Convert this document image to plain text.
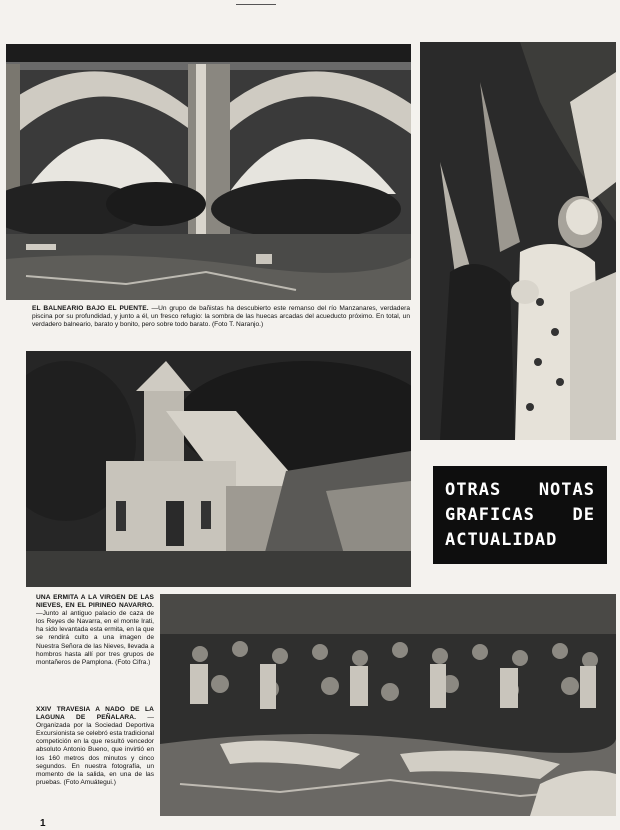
EL BALNEARIO BAJO EL PUENTE. —Un grupo de bañistas ha descubierto este remanso del río Manzanares, verdadera piscina por su profundidad, y junto a él, un fresco refugio: la sombra de las huecas arcadas del acueducto próximo. En total, un verdadero balneario, barato y bonito, pero sobre todo barato. (Foto T. Naranjo.)
OTRAS NOTAS
GRAFICAS DE
ACTUALIDAD
UNA ERMITA A LA VIRGEN DE LAS NIEVES, EN EL PIRINEO NAVARRO. —Junto al antiguo palacio de caza de los Reyes de Navarra, en el monte Irati, ha sido levantada esta ermita, en la que se rendirá culto a una imagen de Nuestra Señora de las Nieves, llevada a hombros hasta allí por tres grupos de montañeros de Pamplona. (Foto Cifra.)
XXIV TRAVESIA A NADO DE LA LAGUNA DE PEÑALARA. —Organizada por la Sociedad Deportiva Excursionista se celebró esta tradicional competición en la que resultó vencedor absoluto Antonio Bueno, que invirtió en los 160 metros dos minutos y cinco segundos. En nuestra fotografía, un momento de la salida, en una de las pruebas. (Foto Amuátegui.)
1
